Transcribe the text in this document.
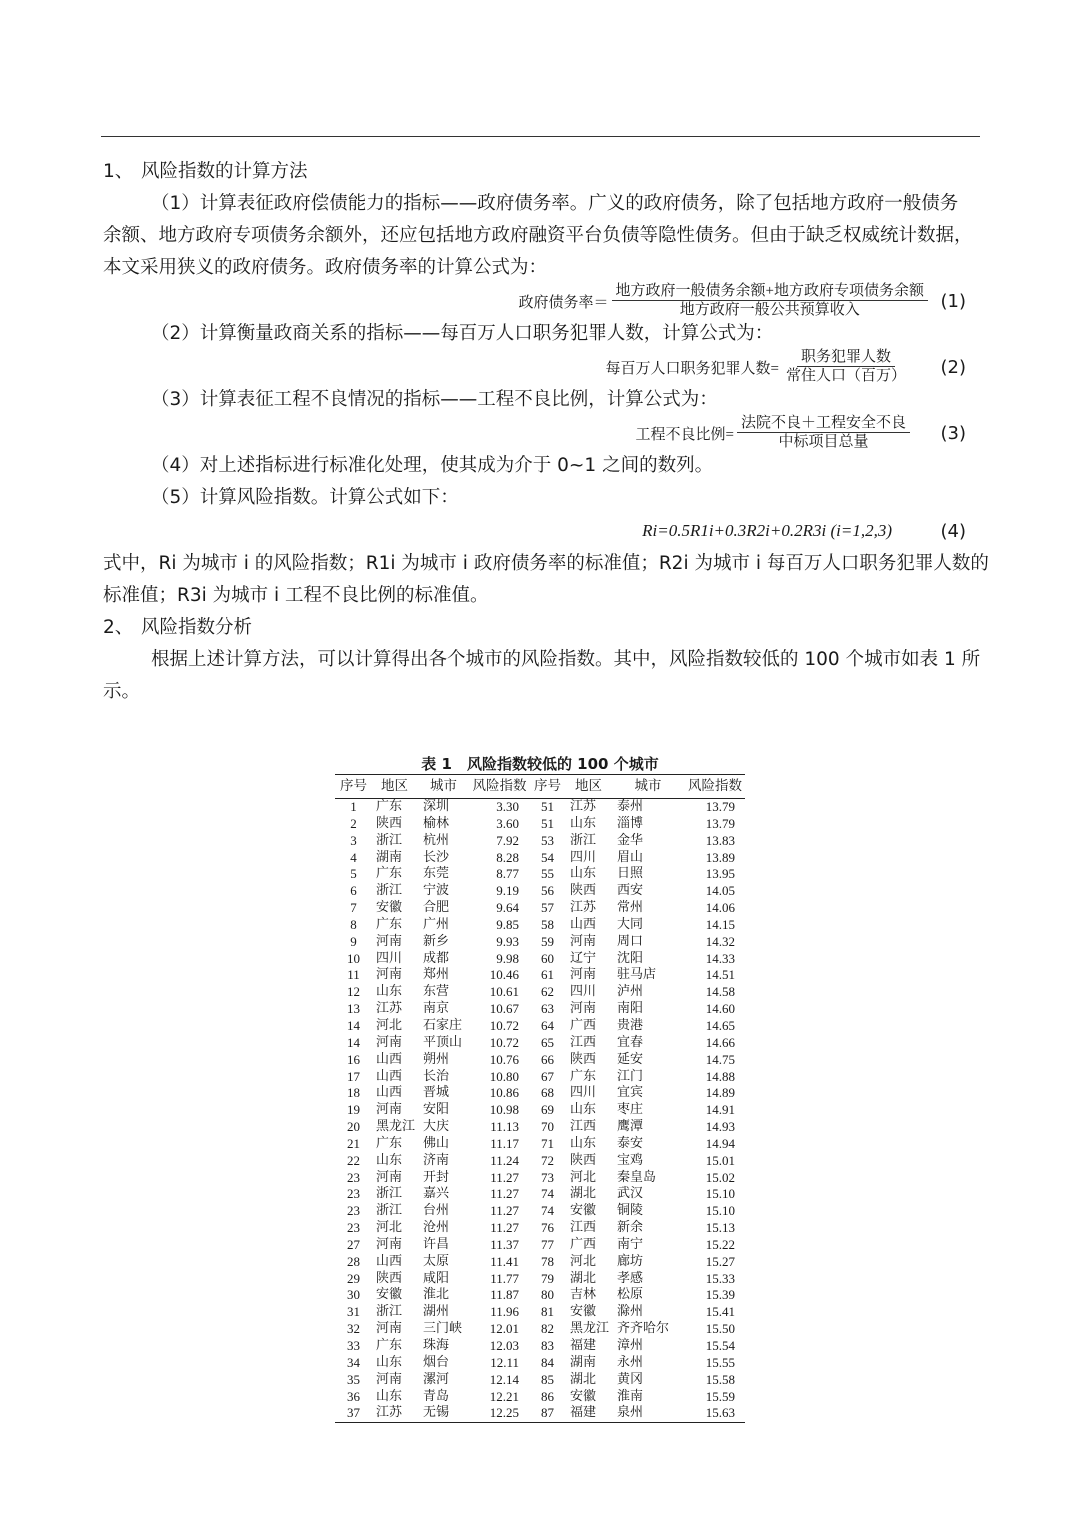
1、 风险指数的计算方法
（1）计算表征政府偿债能力的指标——政府债务率。广义的政府债务，除了包括地方政府一般债务
余额、地方政府专项债务余额外，还应包括地方政府融资平台负债等隐性债务。但由于缺乏权威统计数据，
本文采用狭义的政府债务。政府债务率的计算公式为：
政府债务率＝ $\frac{\text{地方政府一般债务余额+地方政府专项债务余额}}{\text{地方政府一般公共预算收入}} (1)$
（2）计算衡量政商关系的指标——每百万人口职务犯罪人数，计算公式为：
每百万人口职务犯罪人数= $\frac{\text{职务犯罪人数}}{\text{常住人口（百万）}} (2)$
（3）计算表征工程不良情况的指标——工程不良比例，计算公式为：
工程不良比例= $\frac{\text{法院不良＋工程安全不良}}{\text{中标项目总量}} (3)$
（4）对上述指标进行标准化处理，使其成为介于 0~1 之间的数列。
（5）计算风险指数。计算公式如下：
Ri=0.5R1i+0.3R2i+0.2R3i (i=1,2,3)	(4)
式中，Ri 为城市 i 的风险指数；R1i 为城市 i 政府债务率的标准值；R2i 为城市 i 每百万人口职务犯罪人数的
标准值；R3i 为城市 i 工程不良比例的标准值。
2、 风险指数分析
根据上述计算方法，可以计算得出各个城市的风险指数。其中，风险指数较低的 100 个城市如表 1 所
示。
表 1　风险指数较低的 100 个城市
序号	地区	城市	风险指数	序号	地区	城市	风险指数
1	广东	深圳	3.30	51	江苏	泰州	13.79
2	陕西	榆林	3.60	51	山东	淄博	13.79
3	浙江	杭州	7.92	53	浙江	金华	13.83
4	湖南	长沙	8.28	54	四川	眉山	13.89
5	广东	东莞	8.77	55	山东	日照	13.95
6	浙江	宁波	9.19	56	陕西	西安	14.05
7	安徽	合肥	9.64	57	江苏	常州	14.06
8	广东	广州	9.85	58	山西	大同	14.15
9	河南	新乡	9.93	59	河南	周口	14.32
10	四川	成都	9.98	60	辽宁	沈阳	14.33
11	河南	郑州	10.46	61	河南	驻马店	14.51
12	山东	东营	10.61	62	四川	泸州	14.58
13	江苏	南京	10.67	63	河南	南阳	14.60
14	河北	石家庄	10.72	64	广西	贵港	14.65
14	河南	平顶山	10.72	65	江西	宜春	14.66
16	山西	朔州	10.76	66	陕西	延安	14.75
17	山西	长治	10.80	67	广东	江门	14.88
18	山西	晋城	10.86	68	四川	宜宾	14.89
19	河南	安阳	10.98	69	山东	枣庄	14.91
20	黑龙江	大庆	11.13	70	江西	鹰潭	14.93
21	广东	佛山	11.17	71	山东	泰安	14.94
22	山东	济南	11.24	72	陕西	宝鸡	15.01
23	河南	开封	11.27	73	河北	秦皇岛	15.02
23	浙江	嘉兴	11.27	74	湖北	武汉	15.10
23	浙江	台州	11.27	74	安徽	铜陵	15.10
23	河北	沧州	11.27	76	江西	新余	15.13
27	河南	许昌	11.37	77	广西	南宁	15.22
28	山西	太原	11.41	78	河北	廊坊	15.27
29	陕西	咸阳	11.77	79	湖北	孝感	15.33
30	安徽	淮北	11.87	80	吉林	松原	15.39
31	浙江	湖州	11.96	81	安徽	滁州	15.41
32	河南	三门峡	12.01	82	黑龙江	齐齐哈尔	15.50
33	广东	珠海	12.03	83	福建	漳州	15.54
34	山东	烟台	12.11	84	湖南	永州	15.55
35	河南	漯河	12.14	85	湖北	黄冈	15.58
36	山东	青岛	12.21	86	安徽	淮南	15.59
37	江苏	无锡	12.25	87	福建	泉州	15.63
